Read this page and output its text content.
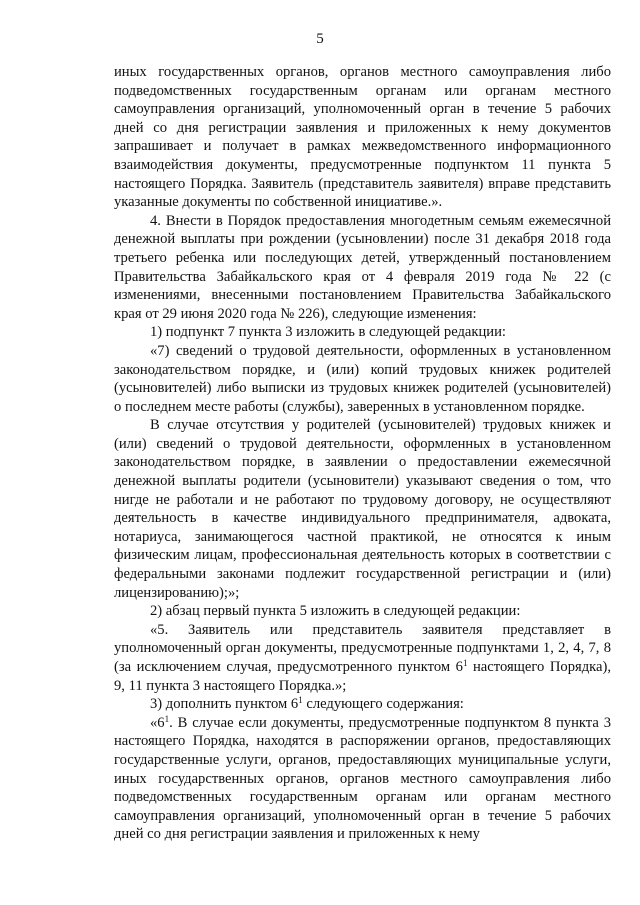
5

иных государственных органов, органов местного самоуправления либо подведомственных государственным органам или органам местного самоуправления организаций, уполномоченный орган в течение 5 рабочих дней со дня регистрации заявления и приложенных к нему документов запрашивает и получает в рамках межведомственного информационного взаимодействия документы, предусмотренные подпунктом 11 пункта 5 настоящего Порядка. Заявитель (представитель заявителя) вправе представить указанные документы по собственной инициативе.».

4. Внести в Порядок предоставления многодетным семьям ежемесячной денежной выплаты при рождении (усыновлении) после 31 декабря 2018 года третьего ребенка или последующих детей, утвержденный постановлением Правительства Забайкальского края от 4 февраля 2019 года № 22 (с изменениями, внесенными постановлением Правительства Забайкальского края от 29 июня 2020 года № 226), следующие изменения:

1) подпункт 7 пункта 3 изложить в следующей редакции:

«7) сведений о трудовой деятельности, оформленных в установленном законодательством порядке, и (или) копий трудовых книжек родителей (усыновителей) либо выписки из трудовых книжек родителей (усыновителей) о последнем месте работы (службы), заверенных в установленном порядке.

В случае отсутствия у родителей (усыновителей) трудовых книжек и (или) сведений о трудовой деятельности, оформленных в установленном законодательством порядке, в заявлении о предоставлении ежемесячной денежной выплаты родители (усыновители) указывают сведения о том, что нигде не работали и не работают по трудовому договору, не осуществляют деятельность в качестве индивидуального предпринимателя, адвоката, нотариуса, занимающегося частной практикой, не относятся к иным физическим лицам, профессиональная деятельность которых в соответствии с федеральными законами подлежит государственной регистрации и (или) лицензированию);»;

2) абзац первый пункта 5 изложить в следующей редакции:

«5. Заявитель или представитель заявителя представляет в уполномоченный орган документы, предусмотренные подпунктами 1, 2, 4, 7, 8 (за исключением случая, предусмотренного пунктом $6^1$ настоящего Порядка), 9, 11 пункта 3 настоящего Порядка.»;

3) дополнить пунктом $6^1$ следующего содержания:

«$6^1$. В случае если документы, предусмотренные подпунктом 8 пункта 3 настоящего Порядка, находятся в распоряжении органов, предоставляющих государственные услуги, органов, предоставляющих муниципальные услуги, иных государственных органов, органов местного самоуправления либо подведомственных государственным органам или органам местного самоуправления организаций, уполномоченный орган в течение 5 рабочих дней со дня регистрации заявления и приложенных к нему
